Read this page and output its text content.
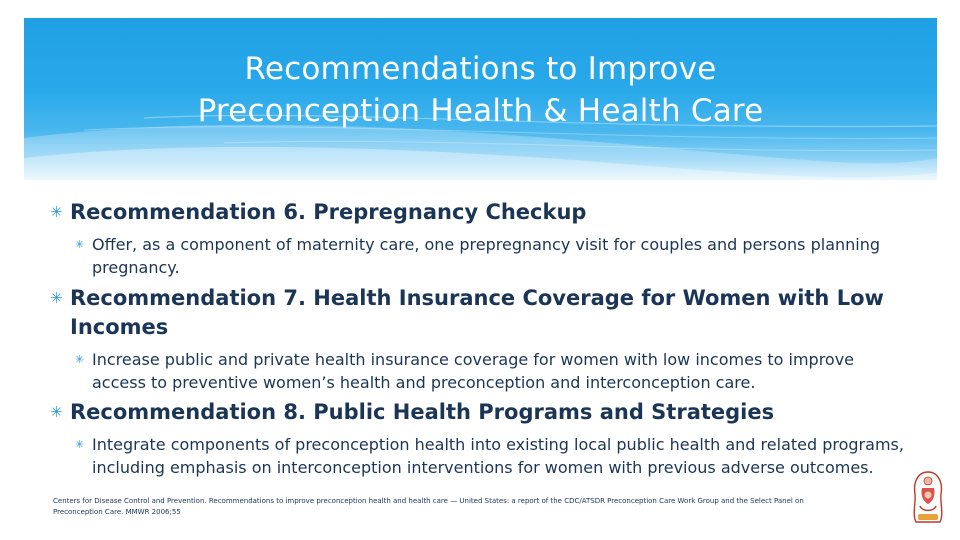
Recommendations to Improve
Preconception Health & Health Care
✳ Recommendation 6. Prepregnancy Checkup
✳ Offer, as a component of maternity care, one prepregnancy visit for couples and persons planning pregnancy.
✳ Recommendation 7. Health Insurance Coverage for Women with Low Incomes
✳ Increase public and private health insurance coverage for women with low incomes to improve access to preventive women’s health and preconception and interconception care.
✳ Recommendation 8. Public Health Programs and Strategies
✳ Integrate components of preconception health into existing local public health and related programs, including emphasis on interconception interventions for women with previous adverse outcomes.
Centers for Disease Control and Prevention. Recommendations to improve preconception health and health care — United States: a report of the CDC/ATSDR Preconception Care Work Group and the Select Panel on Preconception Care. MMWR 2006;55
